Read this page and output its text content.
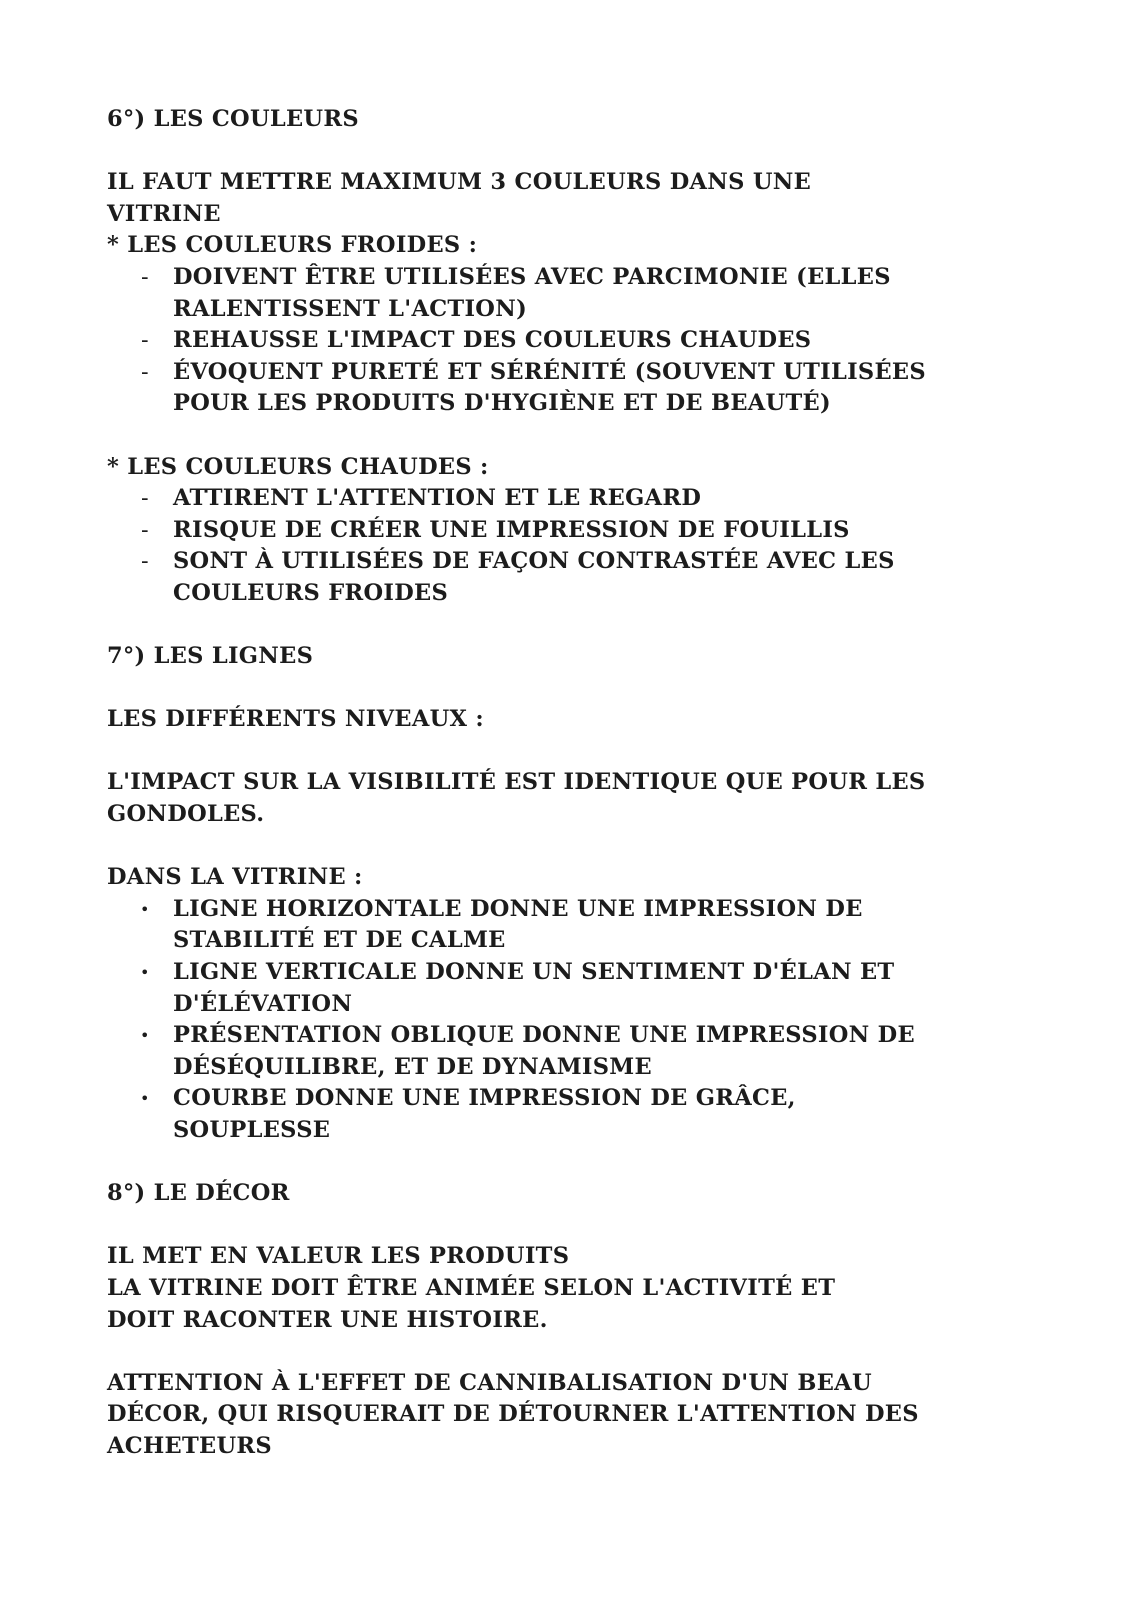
6°) LES COULEURS
IL FAUT METTRE MAXIMUM 3 COULEURS DANS UNE
VITRINE
* LES COULEURS FROIDES :
- DOIVENT ÊTRE UTILISÉES AVEC PARCIMONIE (ELLES
RALENTISSENT L'ACTION)
- REHAUSSE L'IMPACT DES COULEURS CHAUDES
- ÉVOQUENT PURETÉ ET SÉRÉNITÉ (SOUVENT UTILISÉES
POUR LES PRODUITS D'HYGIÈNE ET DE BEAUTÉ)
* LES COULEURS CHAUDES :
- ATTIRENT L'ATTENTION ET LE REGARD
- RISQUE DE CRÉER UNE IMPRESSION DE FOUILLIS
- SONT À UTILISÉES DE FAÇON CONTRASTÉE AVEC LES
COULEURS FROIDES
7°) LES LIGNES
LES DIFFÉRENTS NIVEAUX :
L'IMPACT SUR LA VISIBILITÉ EST IDENTIQUE QUE POUR LES
GONDOLES.
DANS LA VITRINE :
• LIGNE HORIZONTALE DONNE UNE IMPRESSION DE
STABILITÉ ET DE CALME
• LIGNE VERTICALE DONNE UN SENTIMENT D'ÉLAN ET
D'ÉLÉVATION
• PRÉSENTATION OBLIQUE DONNE UNE IMPRESSION DE
DÉSÉQUILIBRE, ET DE DYNAMISME
• COURBE DONNE UNE IMPRESSION DE GRÂCE,
SOUPLESSE
8°) LE DÉCOR
IL MET EN VALEUR LES PRODUITS
LA VITRINE DOIT ÊTRE ANIMÉE SELON L'ACTIVITÉ ET
DOIT RACONTER UNE HISTOIRE.
ATTENTION À L'EFFET DE CANNIBALISATION D'UN BEAU
DÉCOR, QUI RISQUERAIT DE DÉTOURNER L'ATTENTION DES
ACHETEURS
